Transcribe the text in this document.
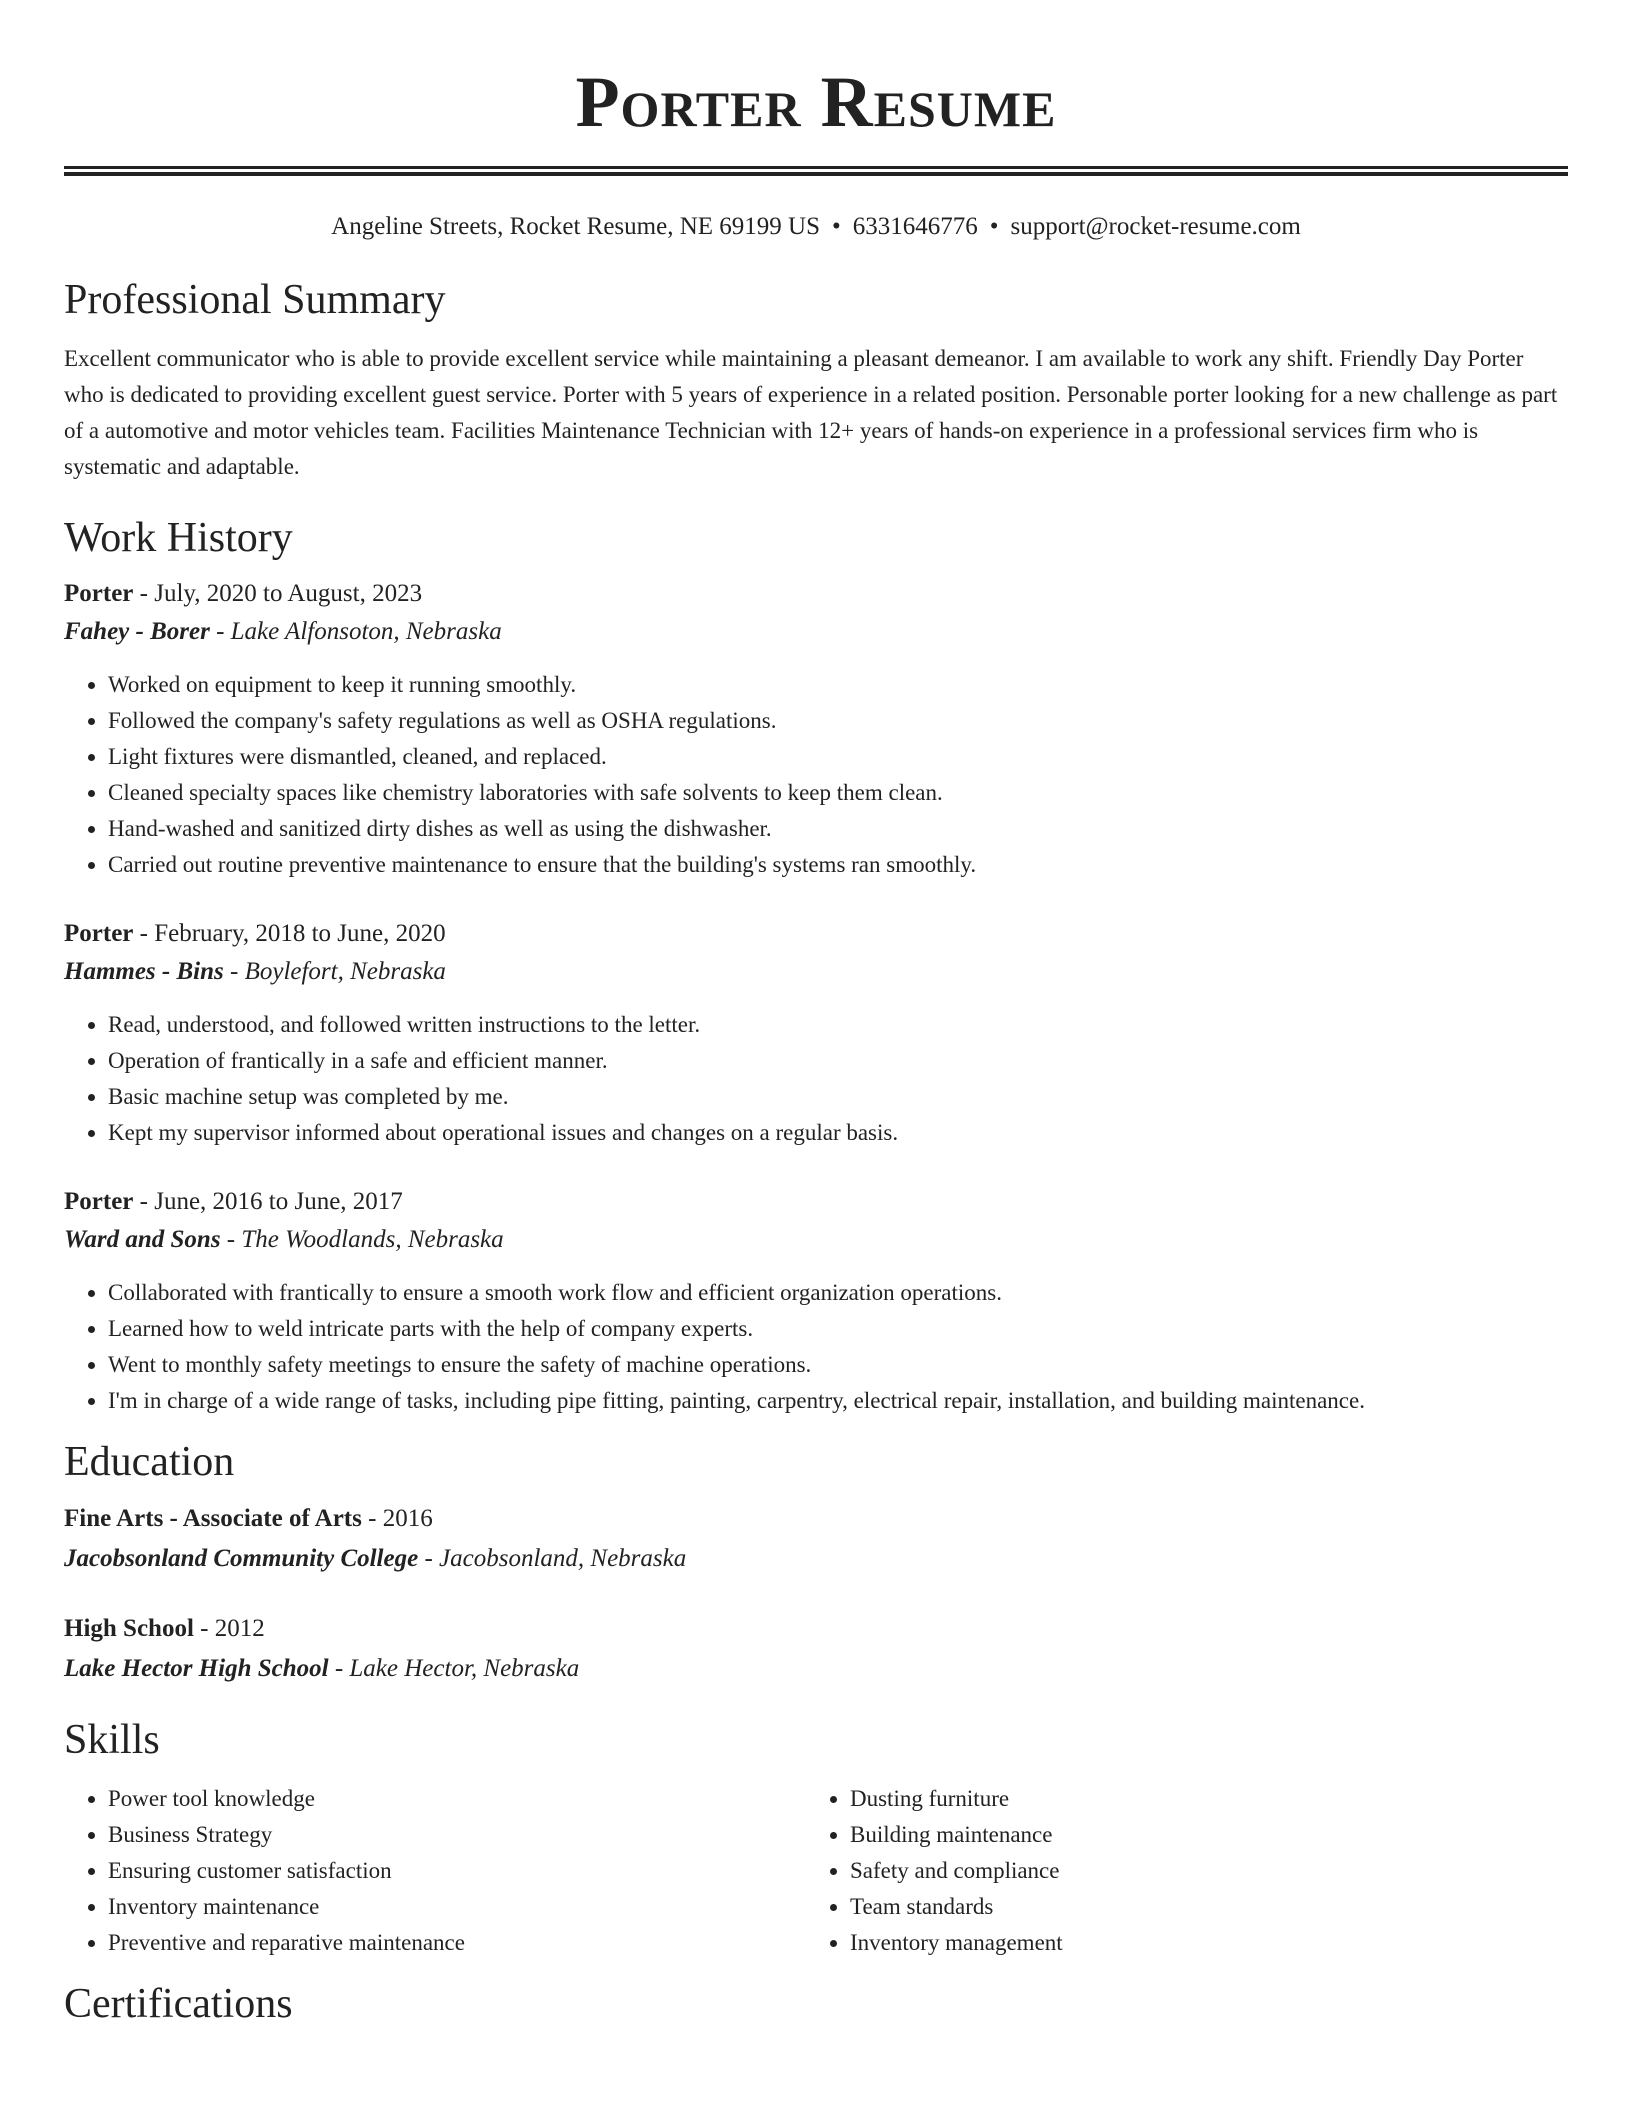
Porter Resume
Angeline Streets, Rocket Resume, NE 69199 US • 6331646776 • support@rocket-resume.com
Professional Summary
Excellent communicator who is able to provide excellent service while maintaining a pleasant demeanor. I am available to work any shift. Friendly Day Porter who is dedicated to providing excellent guest service. Porter with 5 years of experience in a related position. Personable porter looking for a new challenge as part of a automotive and motor vehicles team. Facilities Maintenance Technician with 12+ years of hands-on experience in a professional services firm who is systematic and adaptable.
Work History
Porter - July, 2020 to August, 2023
Fahey - Borer - Lake Alfonsoton, Nebraska
• Worked on equipment to keep it running smoothly.
• Followed the company's safety regulations as well as OSHA regulations.
• Light fixtures were dismantled, cleaned, and replaced.
• Cleaned specialty spaces like chemistry laboratories with safe solvents to keep them clean.
• Hand-washed and sanitized dirty dishes as well as using the dishwasher.
• Carried out routine preventive maintenance to ensure that the building's systems ran smoothly.
Porter - February, 2018 to June, 2020
Hammes - Bins - Boylefort, Nebraska
• Read, understood, and followed written instructions to the letter.
• Operation of frantically in a safe and efficient manner.
• Basic machine setup was completed by me.
• Kept my supervisor informed about operational issues and changes on a regular basis.
Porter - June, 2016 to June, 2017
Ward and Sons - The Woodlands, Nebraska
• Collaborated with frantically to ensure a smooth work flow and efficient organization operations.
• Learned how to weld intricate parts with the help of company experts.
• Went to monthly safety meetings to ensure the safety of machine operations.
• I'm in charge of a wide range of tasks, including pipe fitting, painting, carpentry, electrical repair, installation, and building maintenance.
Education
Fine Arts - Associate of Arts - 2016
Jacobsonland Community College - Jacobsonland, Nebraska
High School - 2012
Lake Hector High School - Lake Hector, Nebraska
Skills
• Power tool knowledge
• Business Strategy
• Ensuring customer satisfaction
• Inventory maintenance
• Preventive and reparative maintenance
• Dusting furniture
• Building maintenance
• Safety and compliance
• Team standards
• Inventory management
Certifications
